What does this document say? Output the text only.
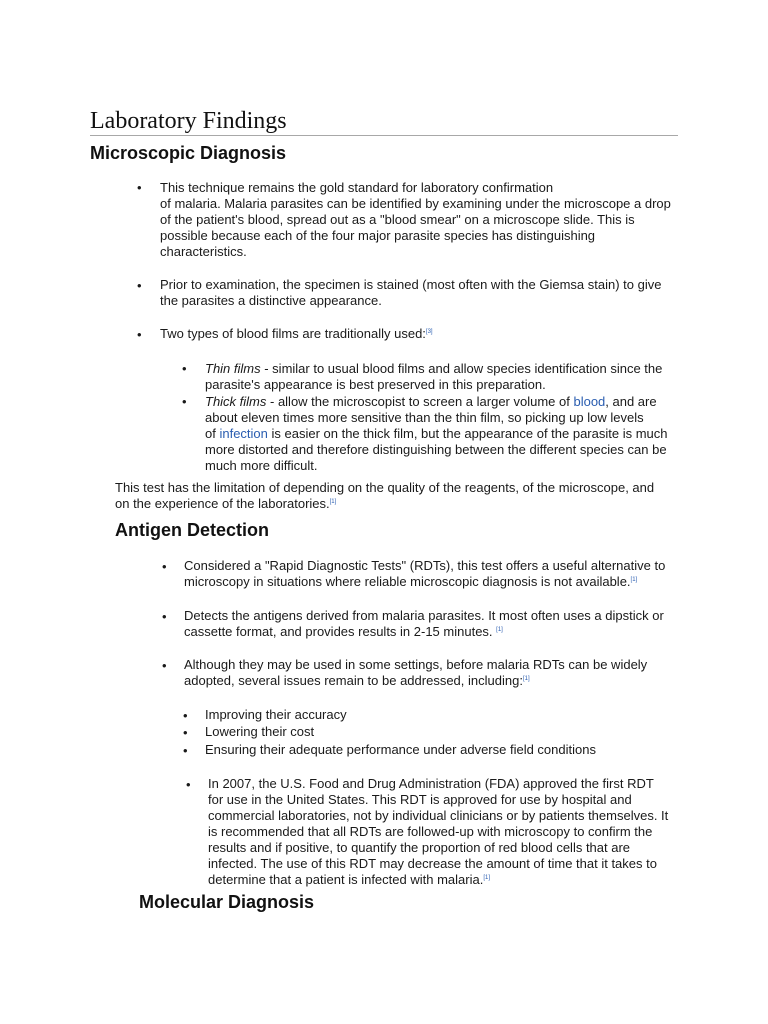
Laboratory Findings
Microscopic Diagnosis
• This technique remains the gold standard for laboratory confirmation
of malaria. Malaria parasites can be identified by examining under the microscope a drop
of the patient's blood, spread out as a "blood smear" on a microscope slide. This is
possible because each of the four major parasite species has distinguishing
characteristics.
• Prior to examination, the specimen is stained (most often with the Giemsa stain) to give
the parasites a distinctive appearance.
• Two types of blood films are traditionally used:[3]
• Thin films - similar to usual blood films and allow species identification since the
parasite's appearance is best preserved in this preparation.
• Thick films - allow the microscopist to screen a larger volume of blood, and are
about eleven times more sensitive than the thin film, so picking up low levels
of infection is easier on the thick film, but the appearance of the parasite is much
more distorted and therefore distinguishing between the different species can be
much more difficult.
This test has the limitation of depending on the quality of the reagents, of the microscope, and
on the experience of the laboratories.[1]
Antigen Detection
• Considered a "Rapid Diagnostic Tests" (RDTs), this test offers a useful alternative to
microscopy in situations where reliable microscopic diagnosis is not available.[1]
• Detects the antigens derived from malaria parasites. It most often uses a dipstick or
cassette format, and provides results in 2-15 minutes. [1]
• Although they may be used in some settings, before malaria RDTs can be widely
adopted, several issues remain to be addressed, including:[1]
• Improving their accuracy
• Lowering their cost
• Ensuring their adequate performance under adverse field conditions
• In 2007, the U.S. Food and Drug Administration (FDA) approved the first RDT
for use in the United States. This RDT is approved for use by hospital and
commercial laboratories, not by individual clinicians or by patients themselves. It
is recommended that all RDTs are followed-up with microscopy to confirm the
results and if positive, to quantify the proportion of red blood cells that are
infected. The use of this RDT may decrease the amount of time that it takes to
determine that a patient is infected with malaria.[1]
Molecular Diagnosis
